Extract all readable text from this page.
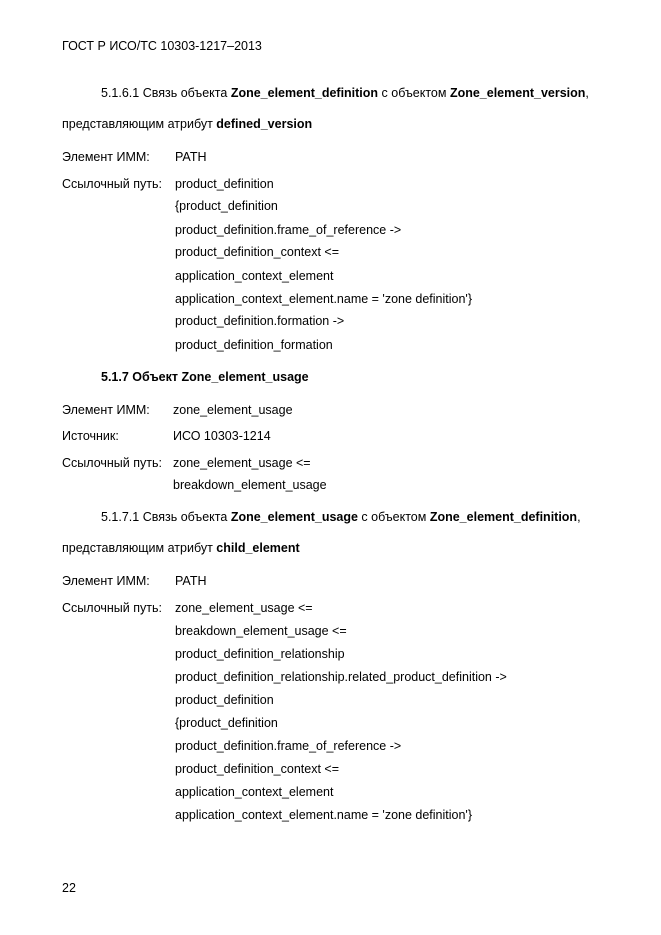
ГОСТ Р ИСО/ТС 10303-1217–2013
5.1.6.1 Связь объекта Zone_element_definition с объектом Zone_element_version,
представляющим атрибут defined_version
Элемент ИММ: PATH
Ссылочный путь: product_definition
{product_definition
product_definition.frame_of_reference ->
product_definition_context <=
application_context_element
application_context_element.name = 'zone definition'}
product_definition.formation ->
product_definition_formation
5.1.7 Объект Zone_element_usage
Элемент ИММ: zone_element_usage
Источник:	ИСО 10303-1214
Ссылочный путь: zone_element_usage <=
breakdown_element_usage
5.1.7.1 Связь объекта Zone_element_usage с объектом Zone_element_definition,
представляющим атрибут child_element
Элемент ИММ: PATH
Ссылочный путь: zone_element_usage <=
breakdown_element_usage <=
product_definition_relationship
product_definition_relationship.related_product_definition ->
product_definition
{product_definition
product_definition.frame_of_reference ->
product_definition_context <=
application_context_element
application_context_element.name = 'zone definition'}
22
